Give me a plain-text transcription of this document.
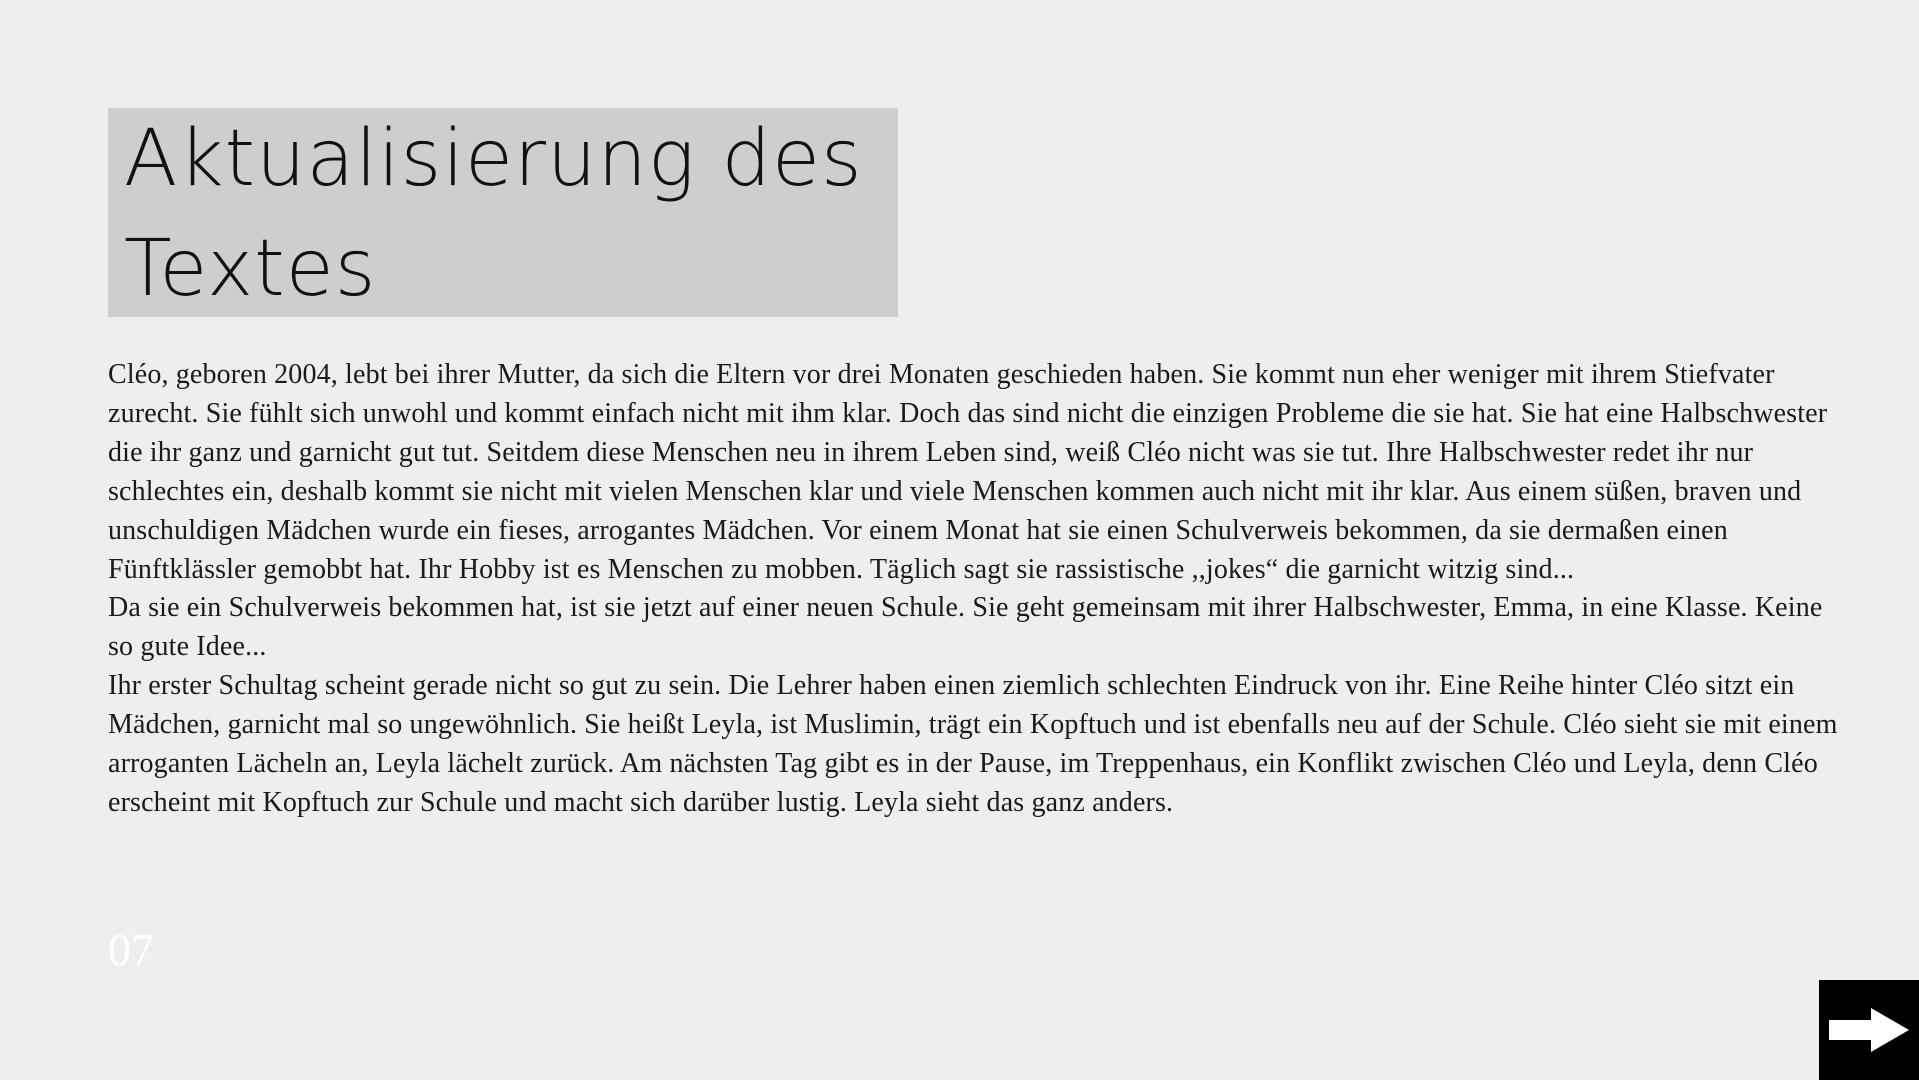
Aktualisierung des
Textes

Cléo, geboren 2004, lebt bei ihrer Mutter, da sich die Eltern vor drei Monaten geschieden haben. Sie kommt nun eher weniger mit ihrem Stiefvater zurecht. Sie fühlt sich unwohl und kommt einfach nicht mit ihm klar. Doch das sind nicht die einzigen Probleme die sie hat. Sie hat eine Halbschwester die ihr ganz und garnicht gut tut. Seitdem diese Menschen neu in ihrem Leben sind, weiß Cléo nicht was sie tut. Ihre Halbschwester redet ihr nur schlechtes ein, deshalb kommt sie nicht mit vielen Menschen klar und viele Menschen kommen auch nicht mit ihr klar. Aus einem süßen, braven und unschuldigen Mädchen wurde ein fieses, arrogantes Mädchen. Vor einem Monat hat sie einen Schulverweis bekommen, da sie dermaßen einen Fünftklässler gemobbt hat. Ihr Hobby ist es Menschen zu mobben. Täglich sagt sie rassistische ,,jokes“ die garnicht witzig sind...

Da sie ein Schulverweis bekommen hat, ist sie jetzt auf einer neuen Schule. Sie geht gemeinsam mit ihrer Halbschwester, Emma, in eine Klasse. Keine so gute Idee...

Ihr erster Schultag scheint gerade nicht so gut zu sein. Die Lehrer haben einen ziemlich schlechten Eindruck von ihr. Eine Reihe hinter Cléo sitzt ein Mädchen, garnicht mal so ungewöhnlich. Sie heißt Leyla, ist Muslimin, trägt ein Kopftuch und ist ebenfalls neu auf der Schule. Cléo sieht sie mit einem arroganten Lächeln an, Leyla lächelt zurück. Am nächsten Tag gibt es in der Pause, im Treppenhaus, ein Konflikt zwischen Cléo und Leyla, denn Cléo erscheint mit Kopftuch zur Schule und macht sich darüber lustig. Leyla sieht das ganz anders.

07
